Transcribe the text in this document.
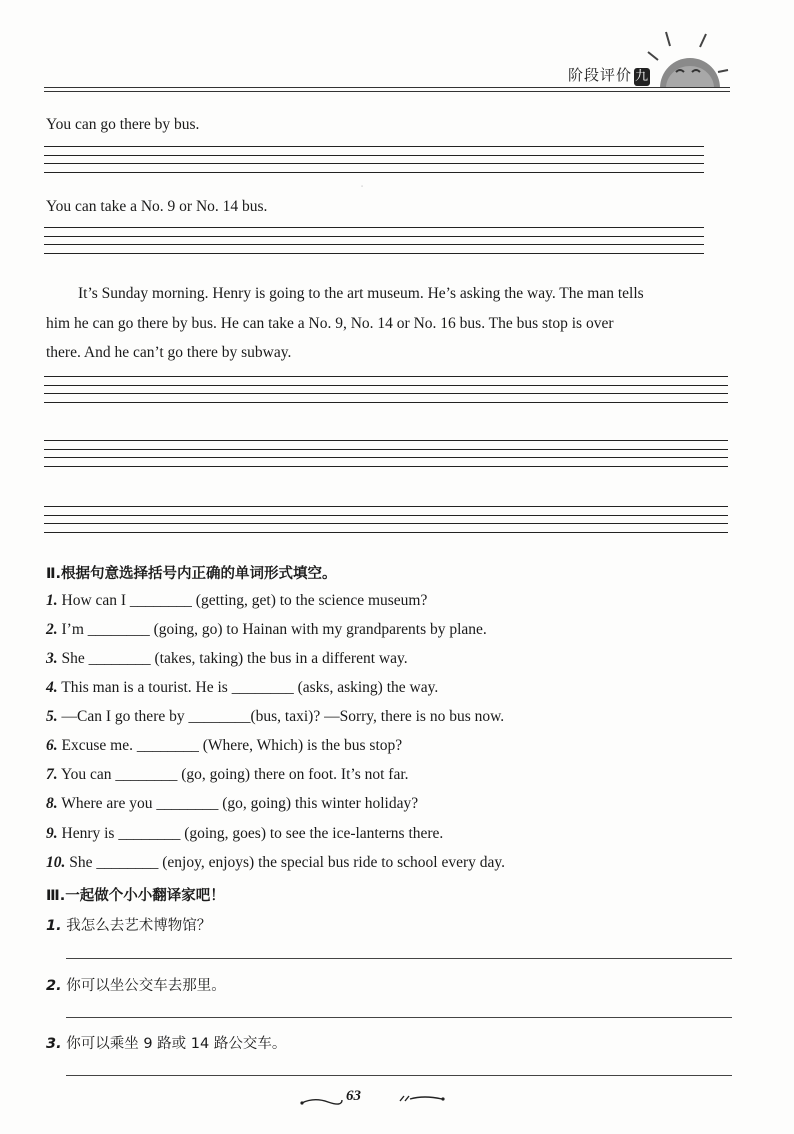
·
阶段评价 九
You can go there by bus.
You can take a No. 9 or No. 14 bus.
It’s Sunday morning. Henry is going to the art museum. He’s asking the way. The man tells
him he can go there by bus. He can take a No. 9, No. 14 or No. 16 bus. The bus stop is over
there. And he can’t go there by subway.
Ⅱ.根据句意选择括号内正确的单词形式填空。
1. How can I ________ (getting, get) to the science museum?
2. I’m ________ (going, go) to Hainan with my grandparents by plane.
3. She ________ (takes, taking) the bus in a different way.
4. This man is a tourist. He is ________ (asks, asking) the way.
5. —Can I go there by ________(bus, taxi)? —Sorry, there is no bus now.
6. Excuse me. ________ (Where, Which) is the bus stop?
7. You can ________ (go, going) there on foot. It’s not far.
8. Where are you ________ (go, going) this winter holiday?
9. Henry is ________ (going, goes) to see the ice-lanterns there.
10. She ________ (enjoy, enjoys) the special bus ride to school every day.
Ⅲ.一起做个小小翻译家吧！
1. 我怎么去艺术博物馆？
2. 你可以坐公交车去那里。
3. 你可以乘坐 9 路或 14 路公交车。
63
